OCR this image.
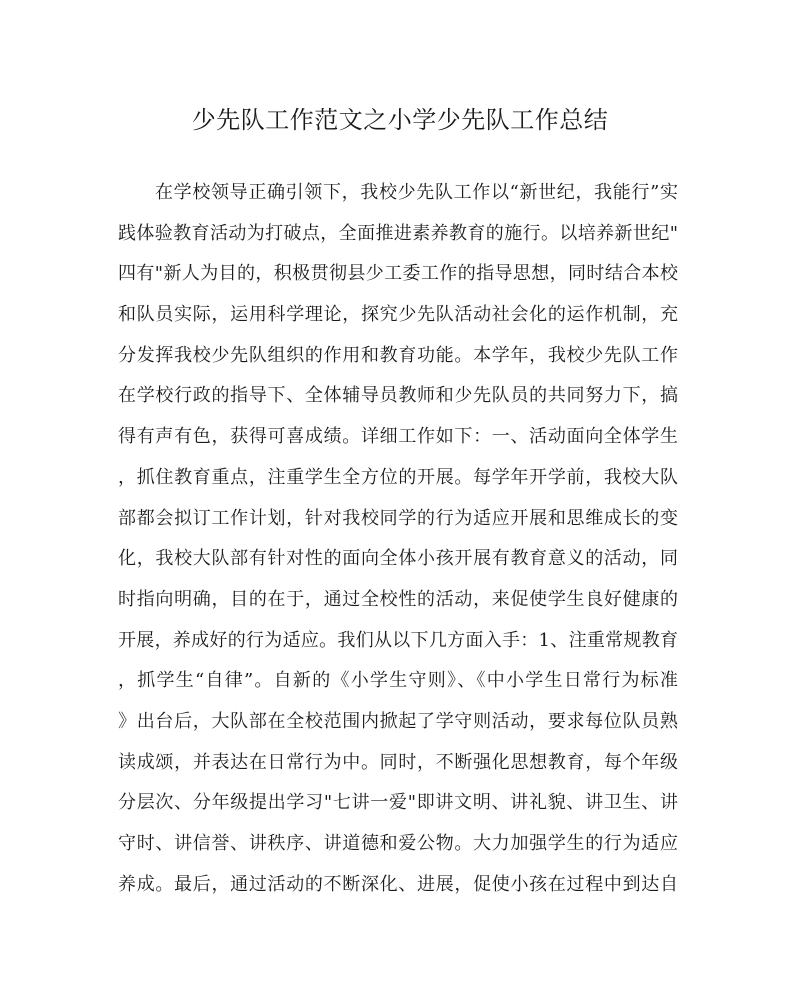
少先队工作范文之小学少先队工作总结
在学校领导正确引领下，我校少先队工作以“新世纪，我能行”实
践体验教育活动为打破点，全面推进素养教育的施行。以培养新世纪"
四有"新人为目的，积极贯彻县少工委工作的指导思想，同时结合本校
和队员实际，运用科学理论，探究少先队活动社会化的运作机制，充
分发挥我校少先队组织的作用和教育功能。本学年，我校少先队工作
在学校行政的指导下、全体辅导员教师和少先队员的共同努力下，搞
得有声有色，获得可喜成绩。详细工作如下：一、活动面向全体学生
，抓住教育重点，注重学生全方位的开展。每学年开学前，我校大队
部都会拟订工作计划，针对我校同学的行为适应开展和思维成长的变
化，我校大队部有针对性的面向全体小孩开展有教育意义的活动，同
时指向明确，目的在于，通过全校性的活动，来促使学生良好健康的
开展，养成好的行为适应。我们从以下几方面入手：1、注重常规教育
，抓学生“自律”。自新的《小学生守则》、《中小学生日常行为标准
》出台后，大队部在全校范围内掀起了学守则活动，要求每位队员熟
读成颂，并表达在日常行为中。同时，不断强化思想教育，每个年级
分层次、分年级提出学习"七讲一爱"即讲文明、讲礼貌、讲卫生、讲
守时、讲信誉、讲秩序、讲道德和爱公物。大力加强学生的行为适应
养成。最后，通过活动的不断深化、进展，促使小孩在过程中到达自
